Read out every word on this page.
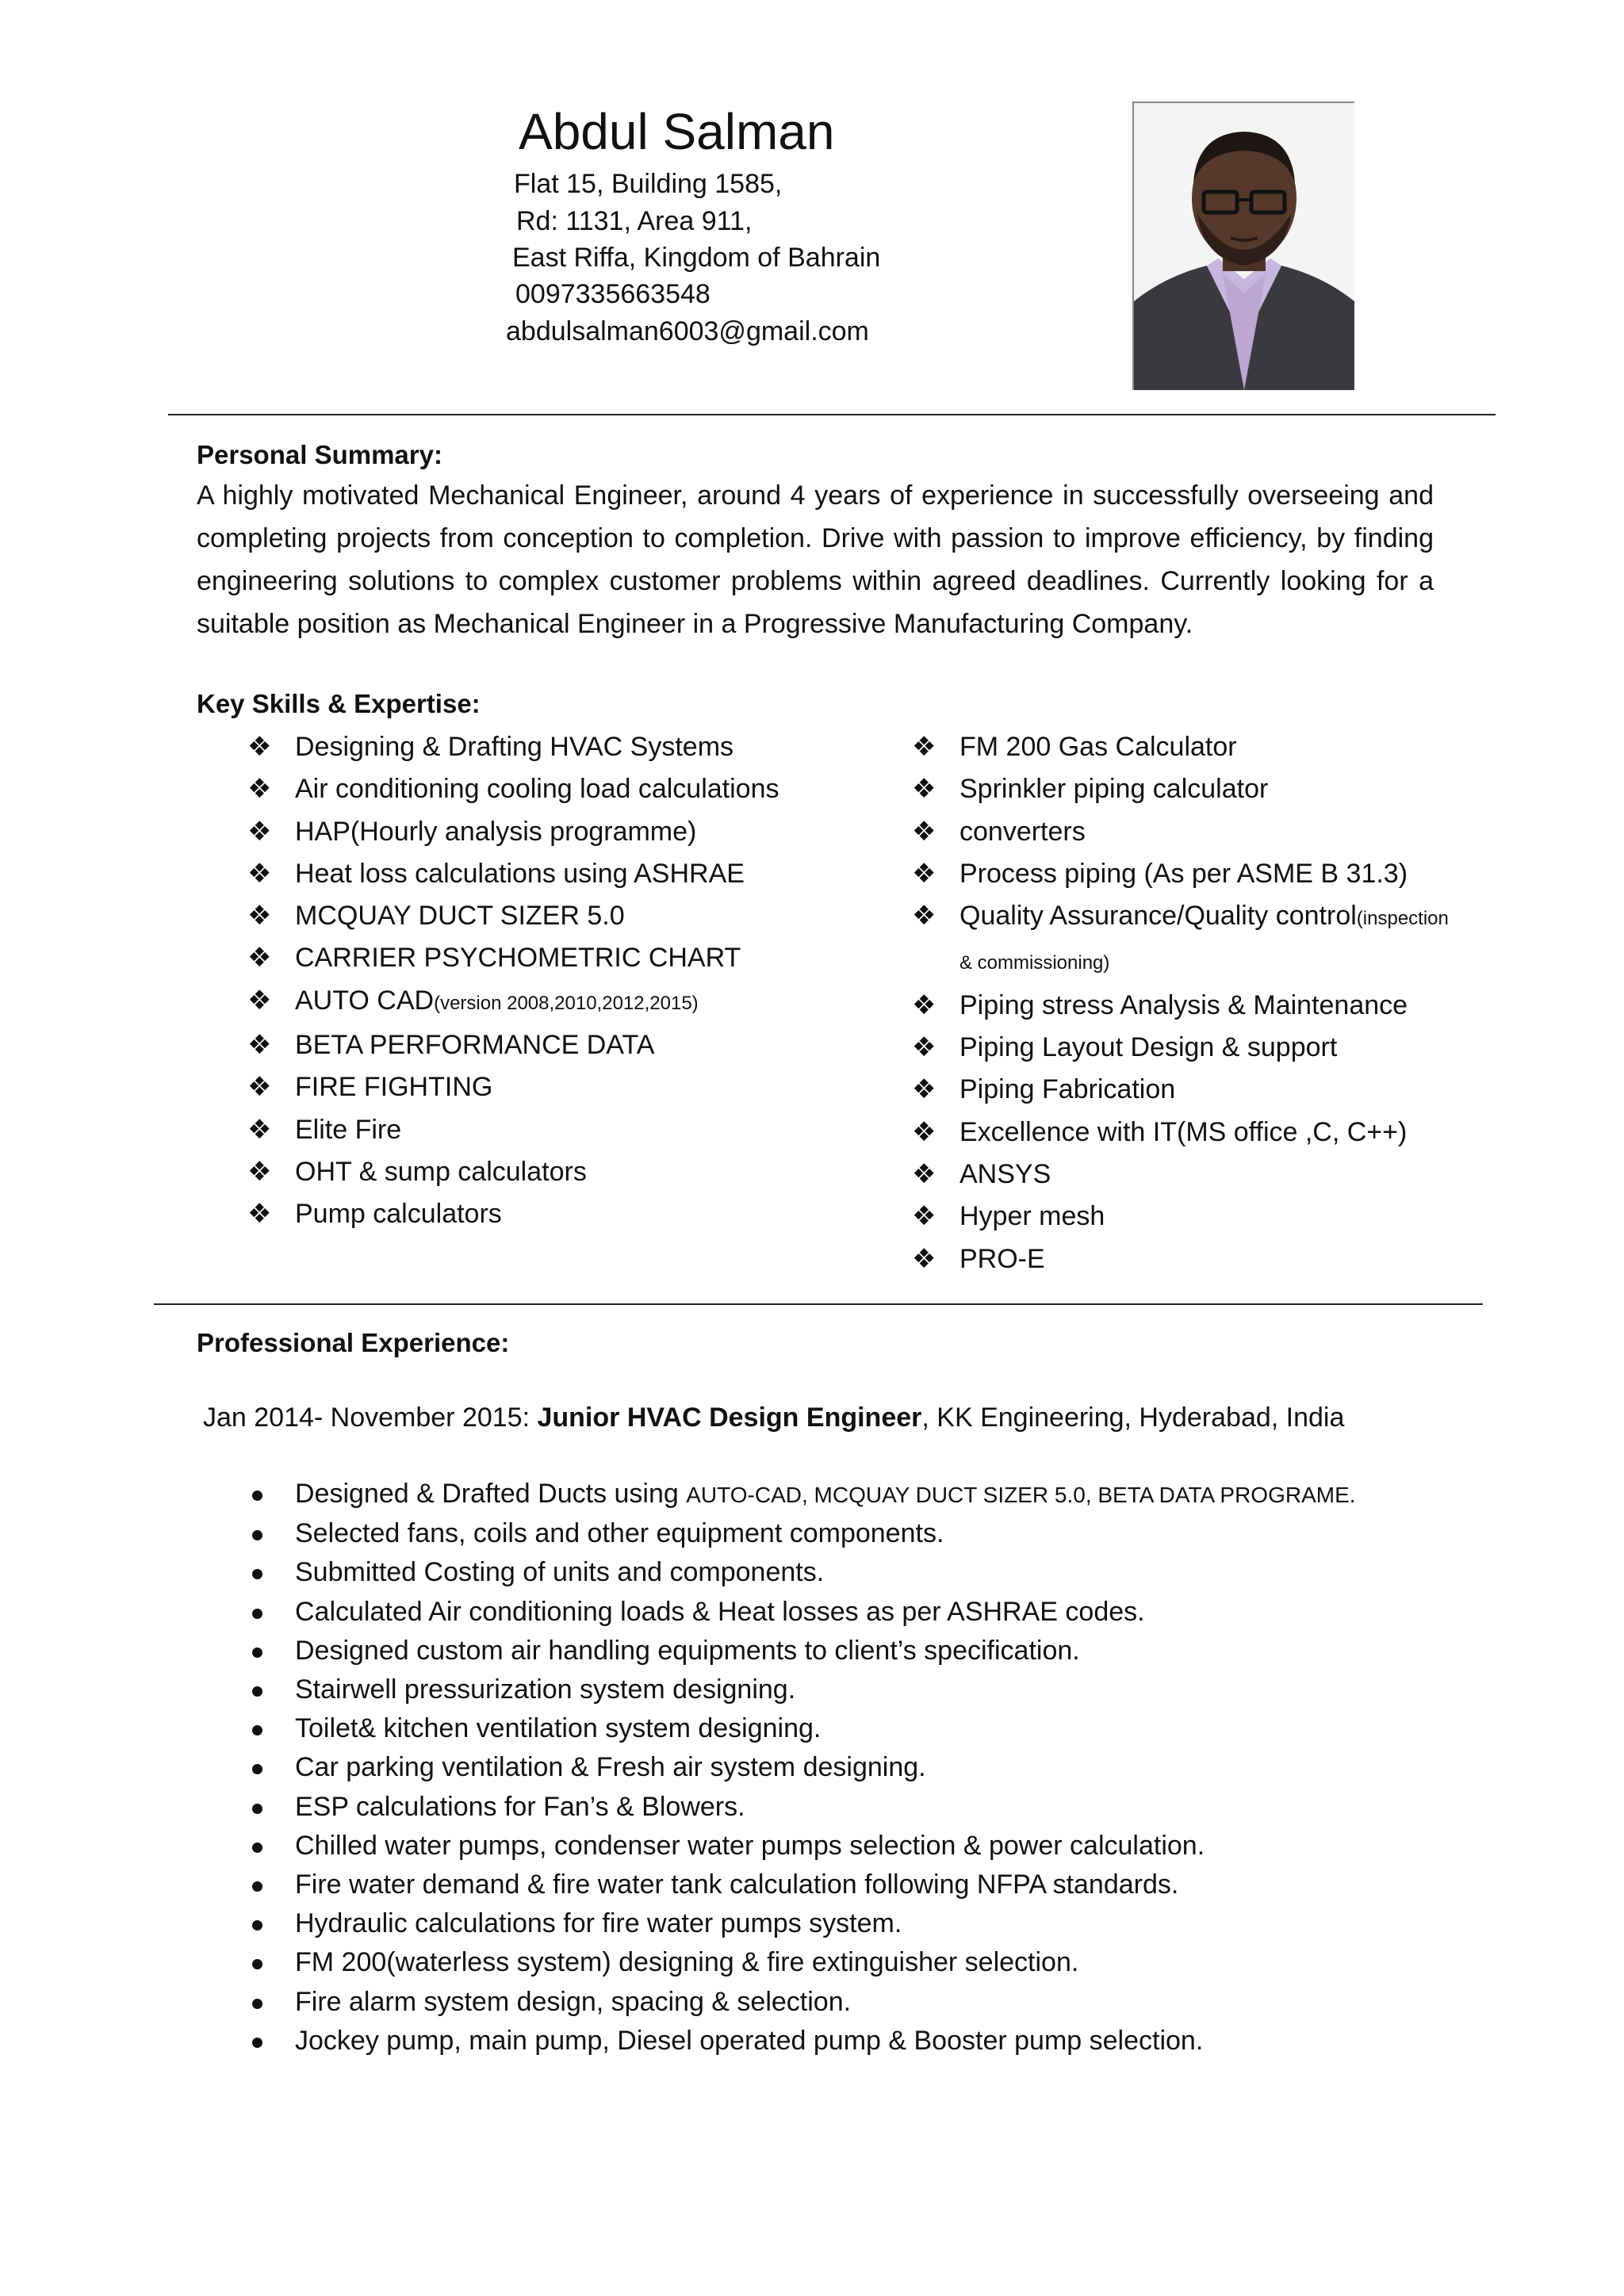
Abdul Salman
Flat 15, Building 1585,
Rd: 1131, Area 911,
East Riffa, Kingdom of Bahrain
0097335663548
abdulsalman6003@gmail.com
Personal Summary:

A highly motivated Mechanical Engineer, around 4 years of experience in successfully overseeing and completing projects from conception to completion. Drive with passion to improve efficiency, by finding engineering solutions to complex customer problems within agreed deadlines. Currently looking for a suitable position as Mechanical Engineer in a Progressive Manufacturing Company.

Key Skills & Expertise:
❖ Designing & Drafting HVAC Systems
❖ Air conditioning cooling load calculations
❖ HAP(Hourly analysis programme)
❖ Heat loss calculations using ASHRAE
❖ MCQUAY DUCT SIZER 5.0
❖ CARRIER PSYCHOMETRIC CHART
❖ AUTO CAD(version 2008,2010,2012,2015)
❖ BETA PERFORMANCE DATA
❖ FIRE FIGHTING
❖ Elite Fire
❖ OHT & sump calculators
❖ Pump calculators
❖ FM 200 Gas Calculator
❖ Sprinkler piping calculator
❖ converters
❖ Process piping (As per ASME B 31.3)
❖ Quality Assurance/Quality control(inspection & commissioning)
❖ Piping stress Analysis & Maintenance
❖ Piping Layout Design & support
❖ Piping Fabrication
❖ Excellence with IT(MS office ,C, C++)
❖ ANSYS
❖ Hyper mesh
❖ PRO-E
Professional Experience:
Jan 2014- November 2015: Junior HVAC Design Engineer, KK Engineering, Hyderabad, India
Designed & Drafted Ducts using AUTO-CAD, MCQUAY DUCT SIZER 5.0, BETA DATA PROGRAME.
Selected fans, coils and other equipment components.
Submitted Costing of units and components.
Calculated Air conditioning loads & Heat losses as per ASHRAE codes.
Designed custom air handling equipments to client’s specification.
Stairwell pressurization system designing.
Toilet& kitchen ventilation system designing.
Car parking ventilation & Fresh air system designing.
ESP calculations for Fan’s & Blowers.
Chilled water pumps, condenser water pumps selection & power calculation.
Fire water demand & fire water tank calculation following NFPA standards.
Hydraulic calculations for fire water pumps system.
FM 200(waterless system) designing & fire extinguisher selection.
Fire alarm system design, spacing & selection.
Jockey pump, main pump, Diesel operated pump & Booster pump selection.
